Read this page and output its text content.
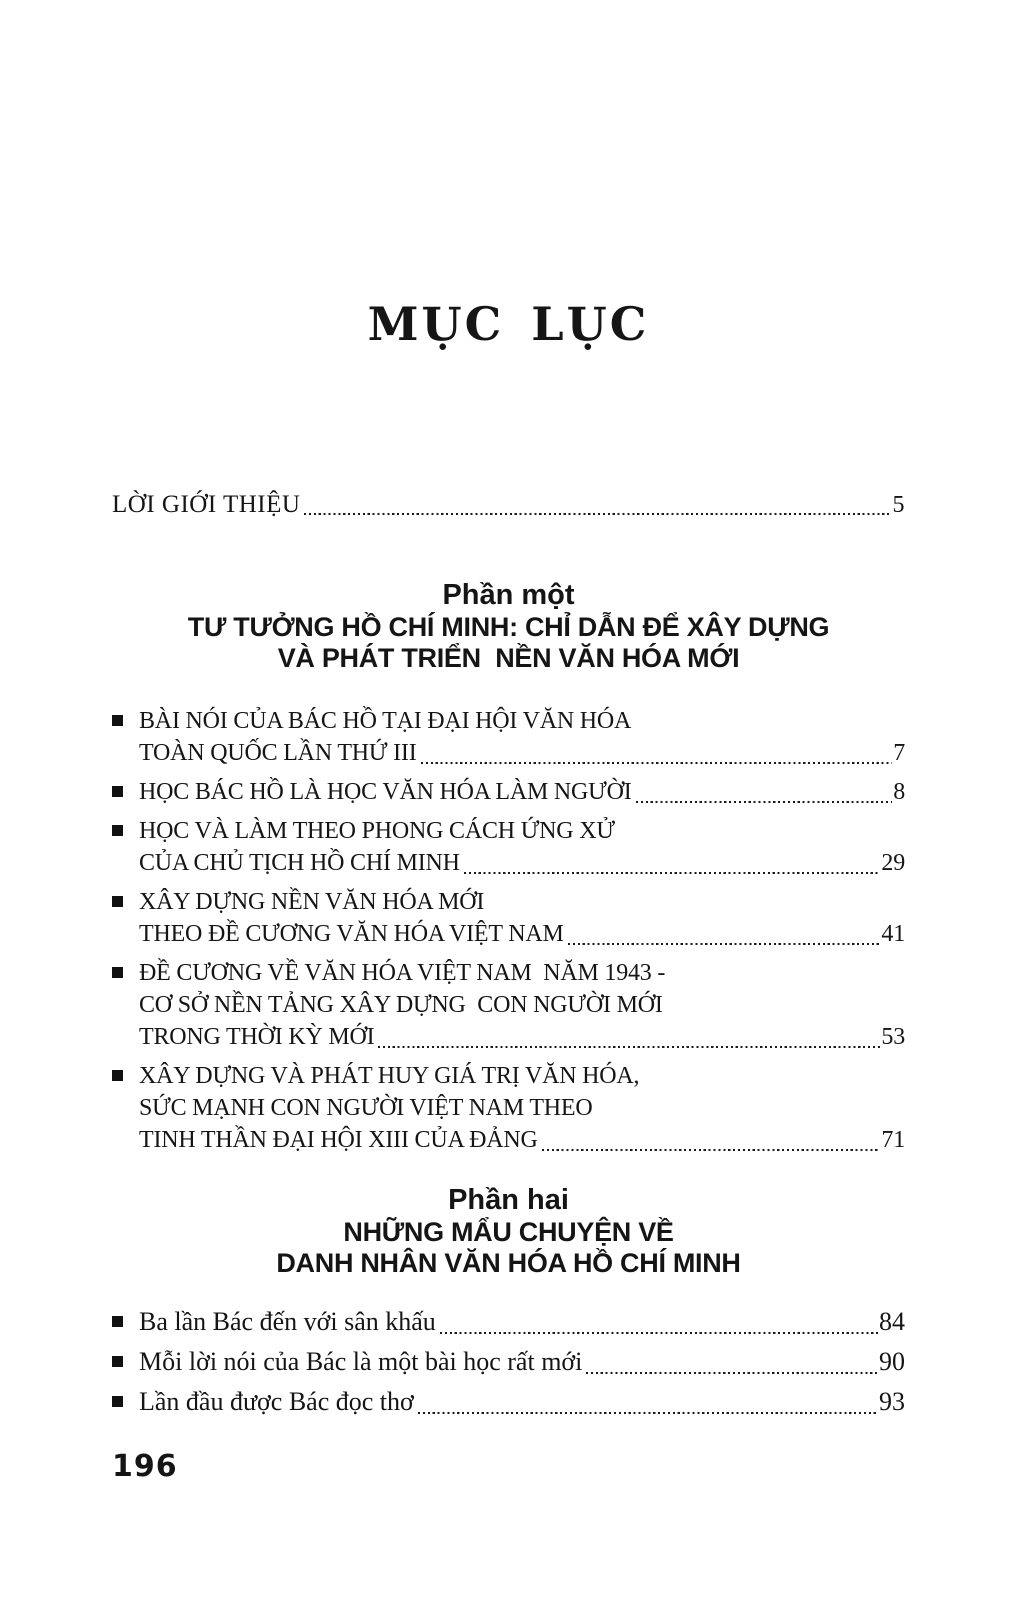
MỤC LỤC
LỜI GIỚI THIỆU	5
Phần một
TƯ TƯỞNG HỒ CHÍ MINH: CHỈ DẪN ĐỂ XÂY DỰNG
VÀ PHÁT TRIỂN  NỀN VĂN HÓA MỚI
BÀI NÓI CỦA BÁC HỒ TẠI ĐẠI HỘI VĂN HÓA
TOÀN QUỐC LẦN THỨ III	7
HỌC BÁC HỒ LÀ HỌC VĂN HÓA LÀM NGƯỜI	8
HỌC VÀ LÀM THEO PHONG CÁCH ỨNG XỬ
CỦA CHỦ TỊCH HỒ CHÍ MINH	29
XÂY DỰNG NỀN VĂN HÓA MỚI
THEO ĐỀ CƯƠNG VĂN HÓA VIỆT NAM	41
ĐỀ CƯƠNG VỀ VĂN HÓA VIỆT NAM  NĂM 1943 -
CƠ SỞ NỀN TẢNG XÂY DỰNG  CON NGƯỜI MỚI
TRONG THỜI KỲ MỚI	53
XÂY DỰNG VÀ PHÁT HUY GIÁ TRỊ VĂN HÓA,
SỨC MẠNH CON NGƯỜI VIỆT NAM THEO
TINH THẦN ĐẠI HỘI XIII CỦA ĐẢNG	71
Phần hai
NHỮNG MẨU CHUYỆN VỀ
DANH NHÂN VĂN HÓA HỒ CHÍ MINH
Ba lần Bác đến với sân khấu	84
Mỗi lời nói của Bác là một bài học rất mới	90
Lần đầu được Bác đọc thơ	93
196
